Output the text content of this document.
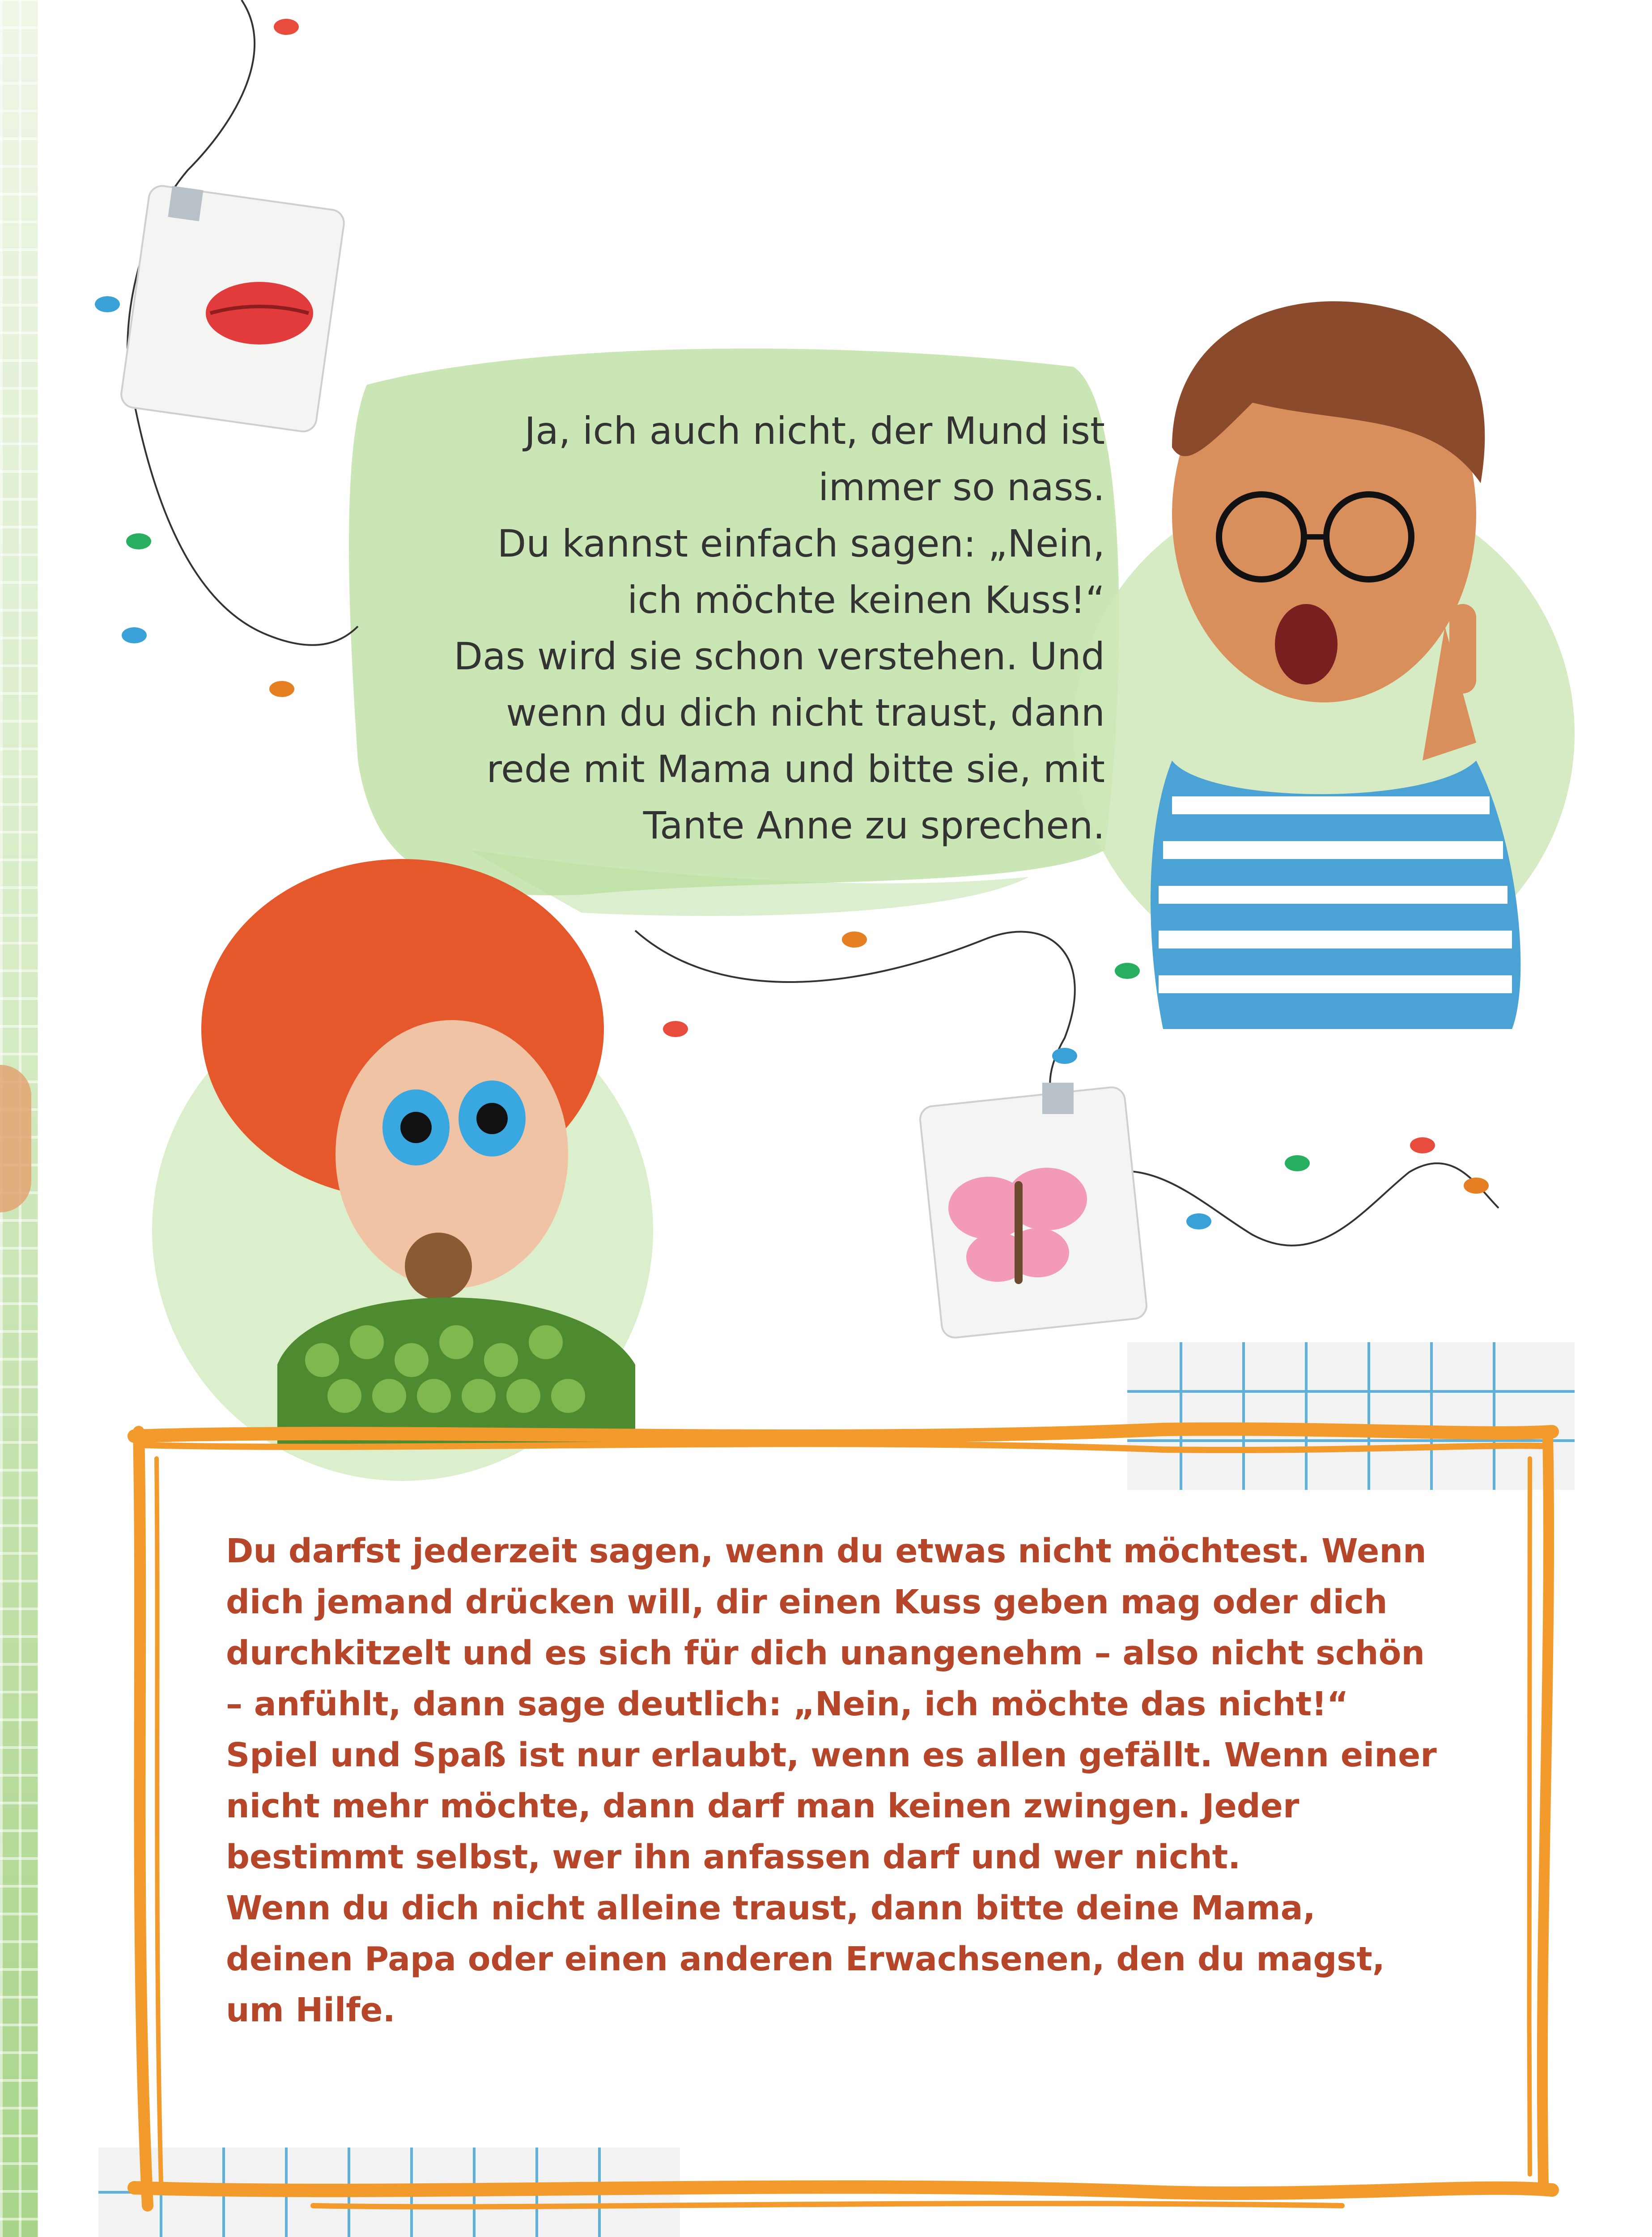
Ja, ich auch nicht, der Mund ist
immer so nass.
Du kannst einfach sagen: „Nein,
ich möchte keinen Kuss!“
Das wird sie schon verstehen. Und
wenn du dich nicht traust, dann
rede mit Mama und bitte sie, mit
Tante Anne zu sprechen.
Du darfst jederzeit sagen, wenn du etwas nicht möchtest. Wenn
dich jemand drücken will, dir einen Kuss geben mag oder dich
durchkitzelt und es sich für dich unangenehm – also nicht schön
– anfühlt, dann sage deutlich: „Nein, ich möchte das nicht!“
Spiel und Spaß ist nur erlaubt, wenn es allen gefällt. Wenn einer
nicht mehr möchte, dann darf man keinen zwingen. Jeder
bestimmt selbst, wer ihn anfassen darf und wer nicht.
Wenn du dich nicht alleine traust, dann bitte deine Mama,
deinen Papa oder einen anderen Erwachsenen, den du magst,
um Hilfe.
